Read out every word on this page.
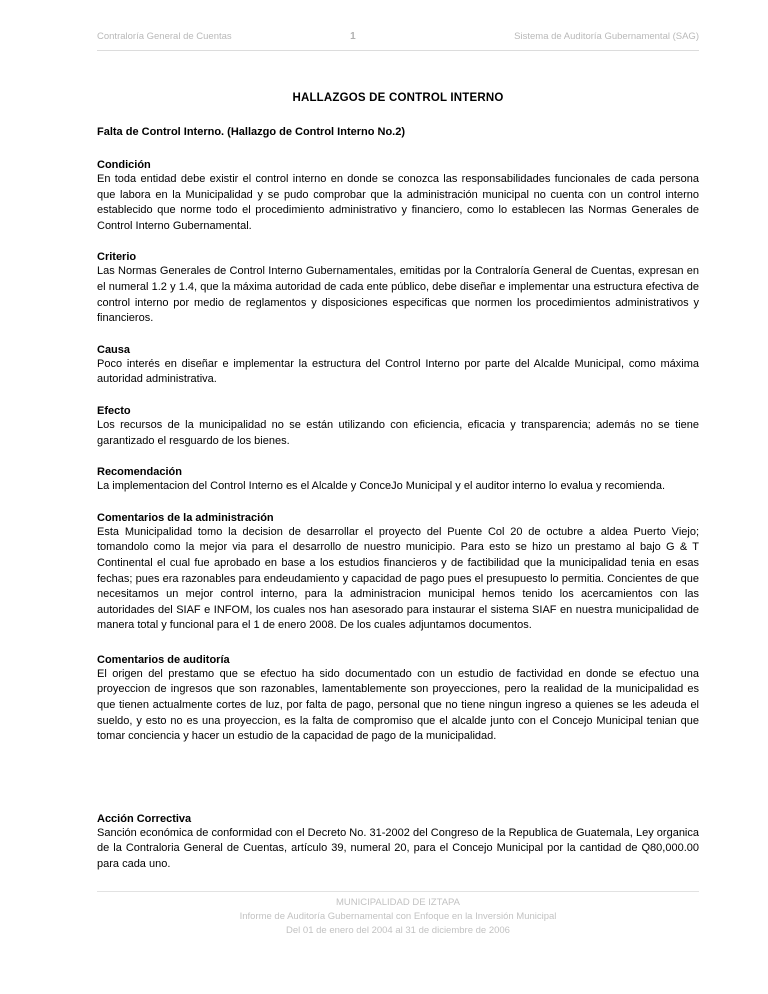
Contraloría General de Cuentas	1	Sistema de Auditoría Gubernamental (SAG)
HALLAZGOS DE CONTROL INTERNO
Falta de Control Interno. (Hallazgo de Control Interno No.2)
Condición

En toda entidad debe existir el control interno en donde se conozca las responsabilidades funcionales de cada persona que labora en la Municipalidad y se pudo comprobar que la administración municipal no cuenta con un control interno establecido que norme todo el procedimiento administrativo y financiero, como lo establecen las Normas Generales de Control Interno Gubernamental.

Criterio

Las Normas Generales de Control Interno Gubernamentales, emitidas por la Contraloría General de Cuentas, expresan en el numeral 1.2 y 1.4, que la máxima autoridad de cada ente público, debe diseñar e implementar una estructura efectiva de control interno por medio de reglamentos y disposiciones especificas que normen los procedimientos administrativos y financieros.

Causa

Poco interés en diseñar e implementar la estructura del Control Interno por parte del Alcalde Municipal, como máxima autoridad administrativa.

Efecto

Los recursos de la municipalidad no se están utilizando con eficiencia, eficacia y transparencia; además no se tiene garantizado el resguardo de los bienes.

Recomendación

La implementacion del Control Interno es el Alcalde y ConceJo Municipal y el auditor interno lo evalua y recomienda.

Comentarios de la administración

Esta Municipalidad tomo la decision de desarrollar el proyecto del Puente Col 20 de octubre a aldea Puerto Viejo; tomandolo como la mejor via para el desarrollo de nuestro municipio. Para esto se hizo un prestamo al bajo G & T Continental el cual fue aprobado en base a los estudios financieros y de factibilidad que la municipalidad tenia en esas fechas; pues era razonables para endeudamiento y capacidad de pago pues el presupuesto lo permitia. Concientes de que necesitamos un mejor control interno, para la administracion municipal hemos tenido los acercamientos con las autoridades del SIAF e INFOM, los cuales nos han asesorado para instaurar el sistema SIAF en nuestra municipalidad de manera total y funcional para el 1 de enero 2008. De los cuales adjuntamos documentos.

Comentarios de auditoría

El origen del prestamo que se efectuo ha sido documentado con un estudio de factividad en donde se efectuo una proyeccion de ingresos que son razonables, lamentablemente son proyecciones, pero la realidad de la municipalidad es que tienen actualmente cortes de luz, por falta de pago, personal que no tiene ningun ingreso a quienes se les adeuda el sueldo, y esto no es una proyeccion, es la falta de compromiso que el alcalde junto con el Concejo Municipal tenian que tomar conciencia y hacer un estudio de la capacidad de pago de la municipalidad.

Acción Correctiva

Sanción económica de conformidad con el Decreto No. 31-2002 del Congreso de la Republica de Guatemala, Ley organica de la Contraloria General de Cuentas, artículo 39, numeral 20, para el Concejo Municipal por la cantidad de Q80,000.00 para cada uno.

MUNICIPALIDAD DE IZTAPA
Informe de Auditoría Gubernamental con Enfoque en la Inversión Municipal
Del 01 de enero del 2004 al 31 de diciembre de 2006
